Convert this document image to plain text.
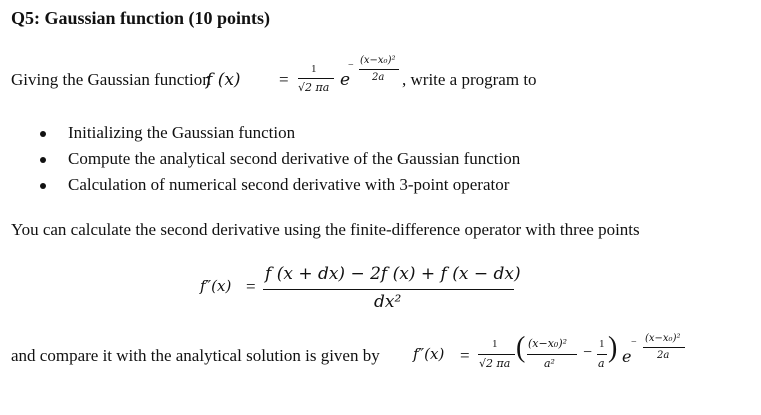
Q5: Gaussian function (10 points)
Giving the Gaussian function
f (x) =
1
√2 πa e
− (x−x₀)²
2a , write a program to
Initializing the Gaussian function
Compute the analytical second derivative of the Gaussian function
Calculation of numerical second derivative with 3-point operator
You can calculate the second derivative using the finite-difference operator with three points
f″(x) =
f (x + dx) − 2f (x) + f (x − dx)
dx²
and compare it with the analytical solution is given by f″(x) =
1
√2 πa ( (x−x₀)²
a²
− 1
a ) e
− (x−x₀)²
2a
